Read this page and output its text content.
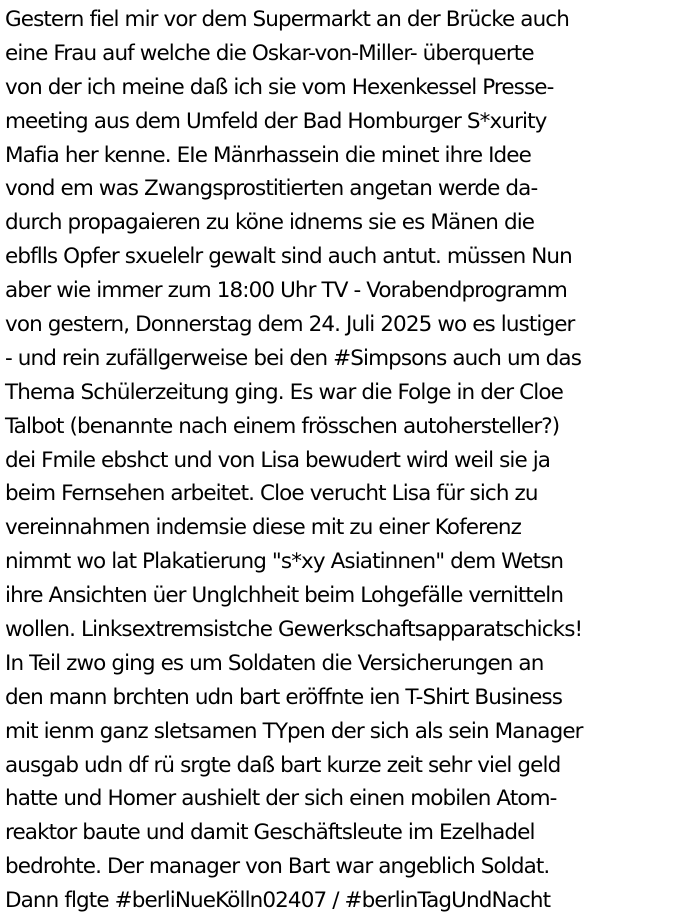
Gestern fiel mir vor dem Supermarkt an der Brücke auch
eine Frau auf welche die Oskar-von-Miller- überquerte
von der ich meine daß ich sie vom Hexenkessel Presse-
meeting aus dem Umfeld der Bad Homburger S*xurity
Mafia her kenne. EIe Mänrhassein die minet ihre Idee
vond em was Zwangsprostitierten angetan werde da-
durch propagaieren zu köne idnems sie es Mänen die
ebflls Opfer sxuelelr gewalt sind auch antut. müssen Nun
aber wie immer zum 18:00 Uhr TV - Vorabendprogramm
von gestern, Donnerstag dem 24. Juli 2025 wo es lustiger
- und rein zufällgerweise bei den #Simpsons auch um das
Thema Schülerzeitung ging. Es war die Folge in der Cloe
Talbot (benannte nach einem frösschen autohersteller?)
dei Fmile ebshct und von Lisa bewudert wird weil sie ja
beim Fernsehen arbeitet. Cloe verucht Lisa für sich zu
vereinnahmen indemsie diese mit zu einer Koferenz
nimmt wo lat Plakatierung "s*xy Asiatinnen" dem Wetsn
ihre Ansichten üer Unglchheit beim Lohgefälle vernitteln
wollen. Linksextremsistche Gewerkschaftsapparatschicks!
In Teil zwo ging es um Soldaten die Versicherungen an
den mann brchten udn bart eröffnte ien T-Shirt Business
mit ienm ganz sletsamen TYpen der sich als sein Manager
ausgab udn df rü srgte daß bart kurze zeit sehr viel geld
hatte und Homer aushielt der sich einen mobilen Atom-
reaktor baute und damit Geschäftsleute im Ezelhadel
bedrohte. Der manager von Bart war angeblich Soldat.
Dann flgte #berliNueKölln02407 / #berlinTagUndNacht
